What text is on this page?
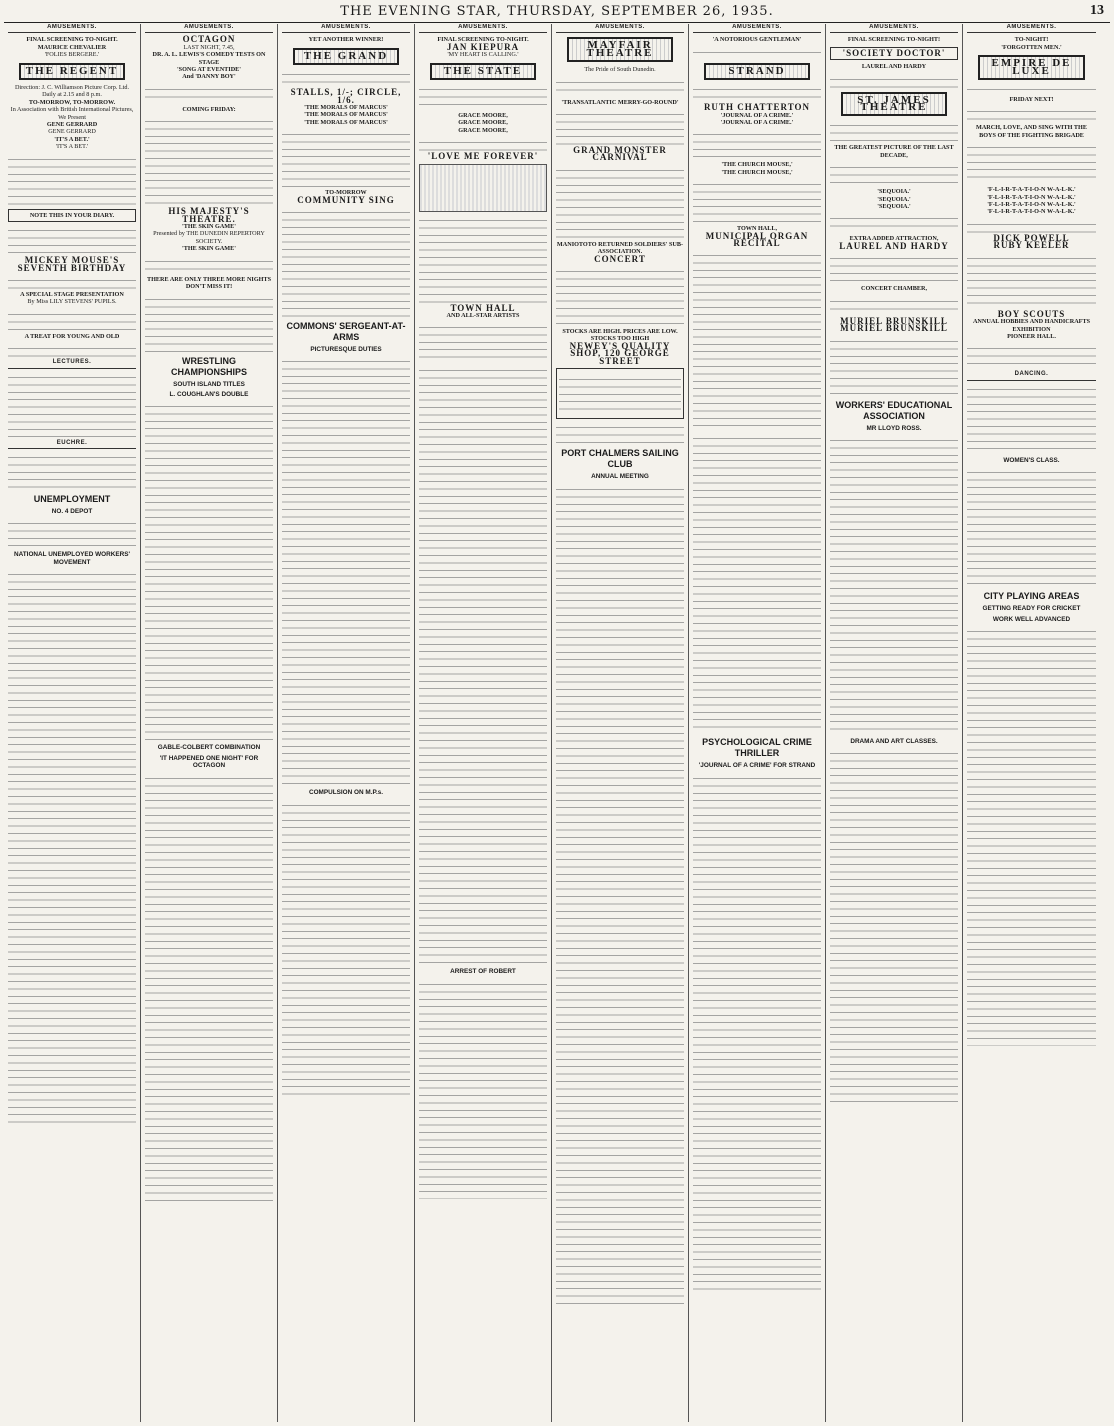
THE EVENING STAR, THURSDAY, SEPTEMBER 26, 1935.	13
AMUSEMENTS.
FINAL SCREENING TO-NIGHT.
MAURICE CHEVALIER
'FOLIES BERGERE.'
THE REGENT
Direction: J. C. Williamson Picture Corp. Ltd. Daily at 2.15 and 8 p.m.
TO-MORROW, TO-MORROW.
In Association with British International Pictures, We Present
GENE GERRARD
GENE GERRARD
'IT'S A BET.'
'IT'S A BET.'
NOTE THIS IN YOUR DIARY.
MICKEY MOUSE'S SEVENTH BIRTHDAY
A SPECIAL STAGE PRESENTATION
By Miss LILY STEVENS' PUPILS.
A TREAT FOR YOUNG AND OLD
LECTURES.
EUCHRE.
UNEMPLOYMENT
NO. 4 DEPOT
NATIONAL UNEMPLOYED WORKERS' MOVEMENT
AMUSEMENTS.
OCTAGON
LAST NIGHT, 7.45,
DR. A. L. LEWIS'S COMEDY TESTS ON STAGE
'SONG AT EVENTIDE'
And 'DANNY BOY'
COMING FRIDAY:
HIS MAJESTY'S THEATRE.
'THE SKIN GAME'
Presented by THE DUNEDIN REPERTORY SOCIETY.
'THE SKIN GAME'
THERE ARE ONLY THREE MORE NIGHTS
DON'T MISS IT!
WRESTLING CHAMPIONSHIPS
SOUTH ISLAND TITLES
L. COUGHLAN'S DOUBLE
GABLE-COLBERT COMBINATION
'IT HAPPENED ONE NIGHT' FOR OCTAGON
AMUSEMENTS.
YET ANOTHER WINNER!
THE GRAND
STALLS, 1/-; CIRCLE, 1/6.
'THE MORALS OF MARCUS'
'THE MORALS OF MARCUS'
'THE MORALS OF MARCUS'
TO-MORROW
COMMUNITY SING
COMMONS' SERGEANT-AT-ARMS
PICTURESQUE DUTIES
COMPULSION ON M.P.s.
AMUSEMENTS.
FINAL SCREENING TO-NIGHT.
JAN KIEPURA
'MY HEART IS CALLING.'
THE STATE
GRACE MOORE,
GRACE MOORE,
GRACE MOORE,
'LOVE ME FOREVER'
TOWN HALL
AND ALL-STAR ARTISTS
ARREST OF ROBERT
AMUSEMENTS.
MAYFAIR THEATRE
The Pride of South Dunedin.
'TRANSATLANTIC MERRY-GO-ROUND'
GRAND MONSTER CARNIVAL
MANIOTOTO RETURNED SOLDIERS' SUB-ASSOCIATION.
CONCERT
STOCKS ARE HIGH. PRICES ARE LOW. STOCKS TOO HIGH
NEWEY'S QUALITY SHOP, 120 GEORGE STREET
PORT CHALMERS SAILING CLUB
ANNUAL MEETING
AMUSEMENTS.
'A NOTORIOUS GENTLEMAN'
STRAND
RUTH CHATTERTON
'JOURNAL OF A CRIME.'
'JOURNAL OF A CRIME.'
'THE CHURCH MOUSE,'
'THE CHURCH MOUSE,'
TOWN HALL,
MUNICIPAL ORGAN RECITAL
PSYCHOLOGICAL CRIME THRILLER
'JOURNAL OF A CRIME' FOR STRAND
AMUSEMENTS.
FINAL SCREENING TO-NIGHT!
'SOCIETY DOCTOR'
LAUREL AND HARDY
ST. JAMES THEATRE
THE GREATEST PICTURE OF THE LAST DECADE,
'SEQUOIA.'
'SEQUOIA.'
'SEQUOIA.'
EXTRA ADDED ATTRACTION,
LAUREL AND HARDY
CONCERT CHAMBER,
MURIEL BRUNSKILL
MURIEL BRUNSKILL
WORKERS' EDUCATIONAL ASSOCIATION
MR LLOYD ROSS.
DRAMA AND ART CLASSES.
AMUSEMENTS.
TO-NIGHT!
'FORGOTTEN MEN.'
EMPIRE DE LUXE
FRIDAY NEXT!
MARCH, LOVE, AND SING WITH THE BOYS OF THE FIGHTING BRIGADE
'F-L-I-R-T-A-T-I-O-N W-A-L-K.'
'F-L-I-R-T-A-T-I-O-N W-A-L-K.'
'F-L-I-R-T-A-T-I-O-N W-A-L-K.'
'F-L-I-R-T-A-T-I-O-N W-A-L-K.'
DICK POWELL
RUBY KEELER
BOY SCOUTS
ANNUAL HOBBIES AND HANDICRAFTS EXHIBITION
PIONEER HALL.
DANCING.
WOMEN'S CLASS.
CITY PLAYING AREAS
GETTING READY FOR CRICKET
WORK WELL ADVANCED
